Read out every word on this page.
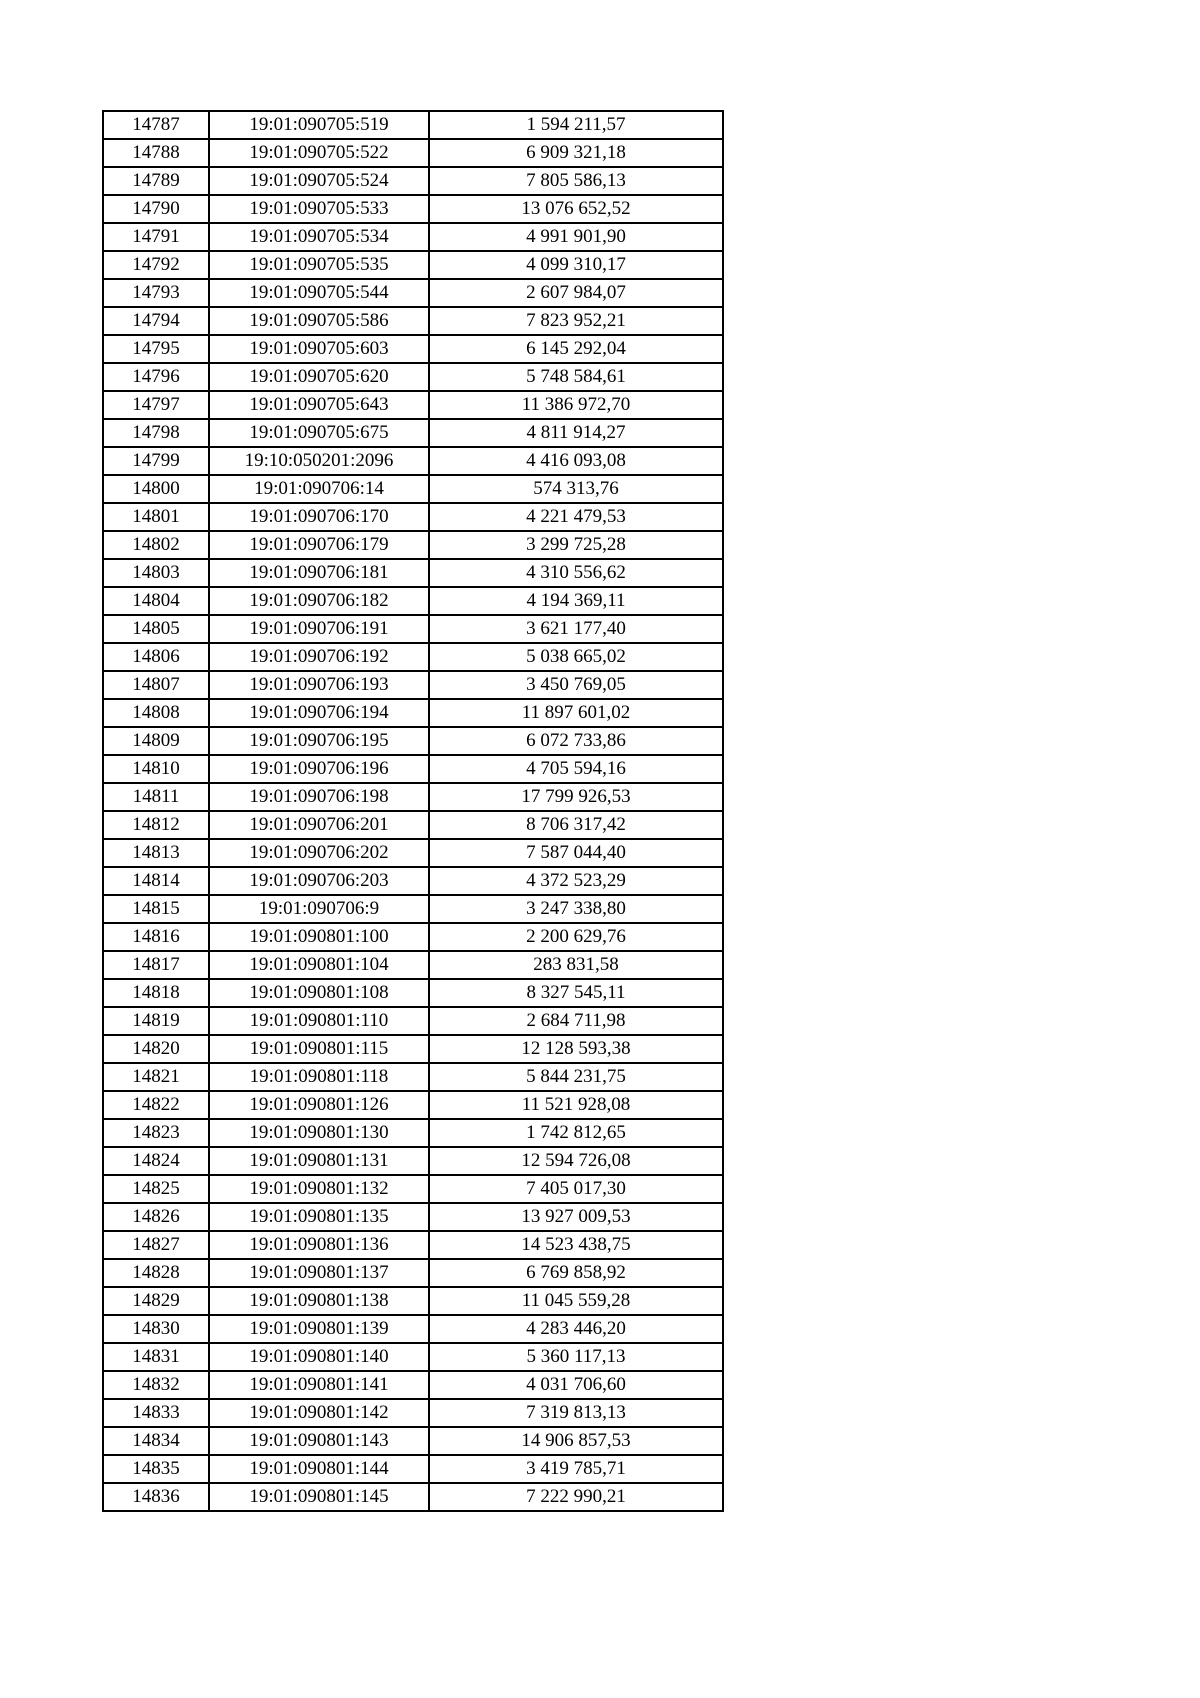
14787	19:01:090705:519	1 594 211,57
14788	19:01:090705:522	6 909 321,18
14789	19:01:090705:524	7 805 586,13
14790	19:01:090705:533	13 076 652,52
14791	19:01:090705:534	4 991 901,90
14792	19:01:090705:535	4 099 310,17
14793	19:01:090705:544	2 607 984,07
14794	19:01:090705:586	7 823 952,21
14795	19:01:090705:603	6 145 292,04
14796	19:01:090705:620	5 748 584,61
14797	19:01:090705:643	11 386 972,70
14798	19:01:090705:675	4 811 914,27
14799	19:10:050201:2096	4 416 093,08
14800	19:01:090706:14	574 313,76
14801	19:01:090706:170	4 221 479,53
14802	19:01:090706:179	3 299 725,28
14803	19:01:090706:181	4 310 556,62
14804	19:01:090706:182	4 194 369,11
14805	19:01:090706:191	3 621 177,40
14806	19:01:090706:192	5 038 665,02
14807	19:01:090706:193	3 450 769,05
14808	19:01:090706:194	11 897 601,02
14809	19:01:090706:195	6 072 733,86
14810	19:01:090706:196	4 705 594,16
14811	19:01:090706:198	17 799 926,53
14812	19:01:090706:201	8 706 317,42
14813	19:01:090706:202	7 587 044,40
14814	19:01:090706:203	4 372 523,29
14815	19:01:090706:9	3 247 338,80
14816	19:01:090801:100	2 200 629,76
14817	19:01:090801:104	283 831,58
14818	19:01:090801:108	8 327 545,11
14819	19:01:090801:110	2 684 711,98
14820	19:01:090801:115	12 128 593,38
14821	19:01:090801:118	5 844 231,75
14822	19:01:090801:126	11 521 928,08
14823	19:01:090801:130	1 742 812,65
14824	19:01:090801:131	12 594 726,08
14825	19:01:090801:132	7 405 017,30
14826	19:01:090801:135	13 927 009,53
14827	19:01:090801:136	14 523 438,75
14828	19:01:090801:137	6 769 858,92
14829	19:01:090801:138	11 045 559,28
14830	19:01:090801:139	4 283 446,20
14831	19:01:090801:140	5 360 117,13
14832	19:01:090801:141	4 031 706,60
14833	19:01:090801:142	7 319 813,13
14834	19:01:090801:143	14 906 857,53
14835	19:01:090801:144	3 419 785,71
14836	19:01:090801:145	7 222 990,21
